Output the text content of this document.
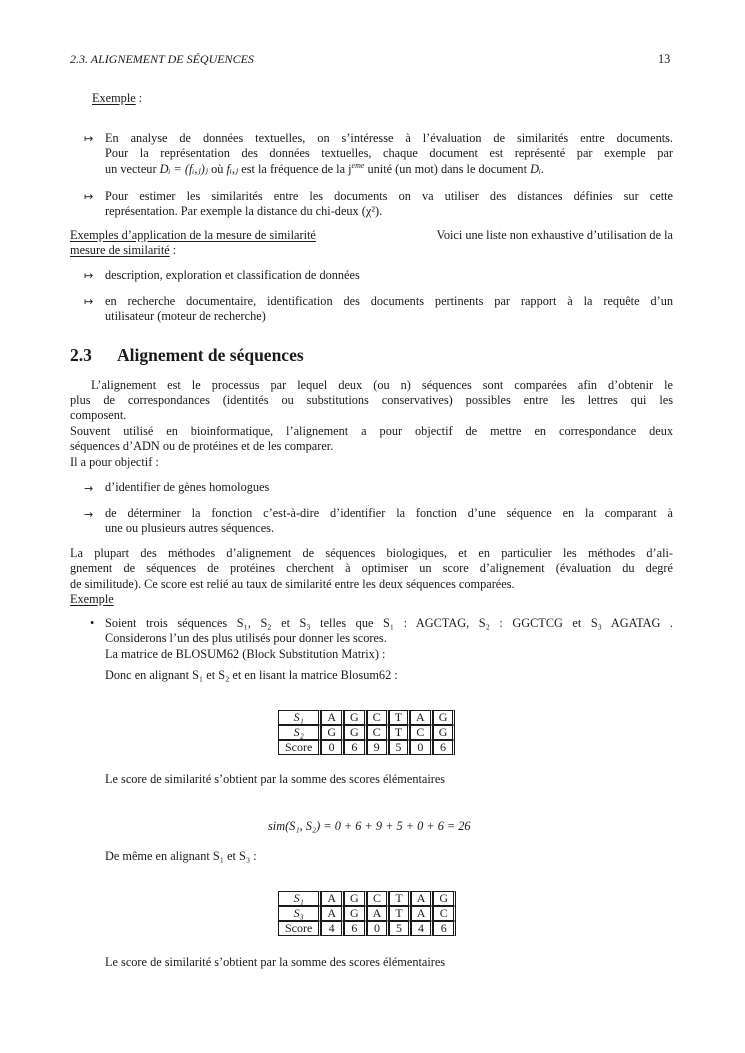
2.3. ALIGNEMENT DE SÉQUENCES	13
Exemple :
↦ En analyse de données textuelles, on s’intéresse à l’évaluation de similarités entre documents.
Pour la représentation des données textuelles, chaque document est représenté par exemple par
un vecteur Dᵢ = (fᵢ,ⱼ)ⱼ où fᵢ,ⱼ est la fréquence de la $j^{eme}$ unité (un mot) dans le document Dᵢ.
↦ Pour estimer les similarités entre les documents on va utiliser des distances définies sur cette
représentation. Par exemple la distance du chi-deux (χ²).
Exemples d’application de la mesure de similarité	Voici une liste non exhaustive d’utilisation de la
mesure de similarité :
↦ description, exploration et classification de données
↦ en recherche documentaire, identification des documents pertinents par rapport à la requête d’un
utilisateur (moteur de recherche)
2.3 Alignement de séquences
L’alignement est le processus par lequel deux (ou n) séquences sont comparées afin d’obtenir le
plus de correspondances (identités ou substitutions conservatives) possibles entre les lettres qui les
composent.
Souvent utilisé en bioinformatique, l’alignement a pour objectif de mettre en correspondance deux
séquences d’ADN ou de protéines et de les comparer.
Il a pour objectif :
→ d’identifier de gènes homologues
→ de déterminer la fonction c’est-à-dire d’identifier la fonction d’une séquence en la comparant à
une ou plusieurs autres séquences.
La plupart des méthodes d’alignement de séquences biologiques, et en particulier les méthodes d’ali-
gnement de séquences de protéines cherchent à optimiser un score d’alignement (évaluation du degré
de similitude). Ce score est relié au taux de similarité entre les deux séquences comparées.
Exemple
• Soient trois séquences S₁, S₂ et S₃ telles que S₁ : AGCTAG, S₂ : GGCTCG et S₃ AGATAG .
Considerons l’un des plus utilisés pour donner les scores.
La matrice de BLOSUM62 (Block Substitution Matrix) :
Donc en alignant S₁ et S₂ et en lisant la matrice Blosum62 :
S₁	A	G	C	T	A	G
S₂	G	G	C	T	C	G
Score	0	6	9	5	0	6
Le score de similarité s’obtient par la somme des scores élémentaires
sim(S₁, S₂) = 0 + 6 + 9 + 5 + 0 + 6 = 26
De même en alignant S₁ et S₃ :
S₁	A	G	C	T	A	G
S₃	A	G	A	T	A	C
Score	4	6	0	5	4	6
Le score de similarité s’obtient par la somme des scores élémentaires
